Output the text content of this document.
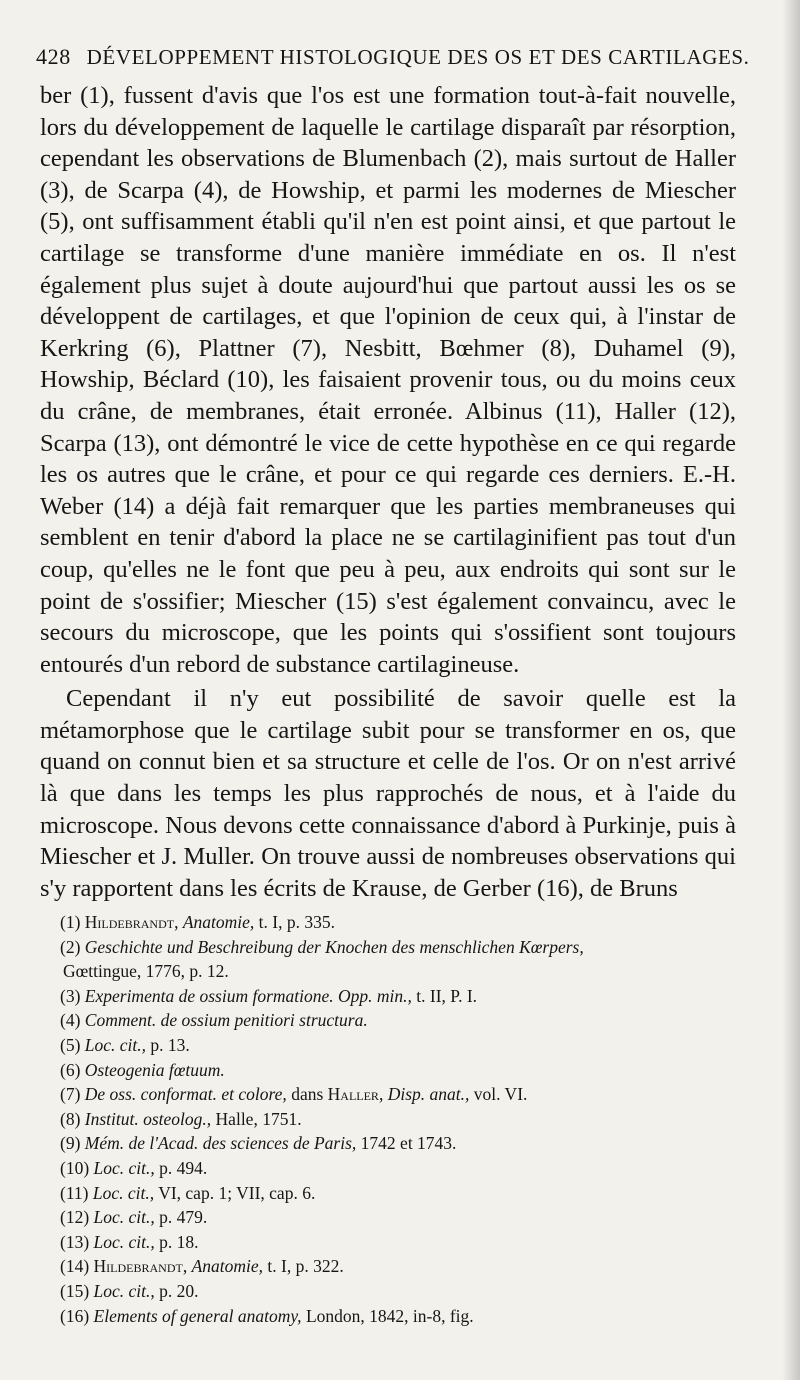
428 DÉVELOPPEMENT HISTOLOGIQUE DES OS ET DES CARTILAGES.

ber (1), fussent d'avis que l'os est une formation tout-à-fait nouvelle, lors du développement de laquelle le cartilage disparaît par résorption, cependant les observations de Blumenbach (2), mais surtout de Haller (3), de Scarpa (4), de Howship, et parmi les modernes de Miescher (5), ont suffisamment établi qu'il n'en est point ainsi, et que partout le cartilage se transforme d'une manière immédiate en os. Il n'est également plus sujet à doute aujourd'hui que partout aussi les os se développent de cartilages, et que l'opinion de ceux qui, à l'instar de Kerkring (6), Plattner (7), Nesbitt, Bœhmer (8), Duhamel (9), Howship, Béclard (10), les faisaient provenir tous, ou du moins ceux du crâne, de membranes, était erronée. Albinus (11), Haller (12), Scarpa (13), ont démontré le vice de cette hypothèse en ce qui regarde les os autres que le crâne, et pour ce qui regarde ces derniers. E.-H. Weber (14) a déjà fait remarquer que les parties membraneuses qui semblent en tenir d'abord la place ne se cartilaginifient pas tout d'un coup, qu'elles ne le font que peu à peu, aux endroits qui sont sur le point de s'ossifier; Miescher (15) s'est également convaincu, avec le secours du microscope, que les points qui s'ossifient sont toujours entourés d'un rebord de substance cartilagineuse.

Cependant il n'y eut possibilité de savoir quelle est la métamorphose que le cartilage subit pour se transformer en os, que quand on connut bien et sa structure et celle de l'os. Or on n'est arrivé là que dans les temps les plus rapprochés de nous, et à l'aide du microscope. Nous devons cette connaissance d'abord à Purkinje, puis à Miescher et J. Muller. On trouve aussi de nombreuses observations qui s'y rapportent dans les écrits de Krause, de Gerber (16), de Bruns

(1) Hildebrandt, Anatomie, t. I, p. 335.
(2) Geschichte und Beschreibung der Knochen des menschlichen Kœrpers,
Gœttingue, 1776, p. 12.
(3) Experimenta de ossium formatione. Opp. min., t. II, P. I.
(4) Comment. de ossium penitiori structura.
(5) Loc. cit., p. 13.
(6) Osteogenia fœtuum.
(7) De oss. conformat. et colore, dans Haller, Disp. anat., vol. VI.
(8) Institut. osteolog., Halle, 1751.
(9) Mém. de l'Acad. des sciences de Paris, 1742 et 1743.
(10) Loc. cit., p. 494.
(11) Loc. cit., VI, cap. 1; VII, cap. 6.
(12) Loc. cit., p. 479.
(13) Loc. cit., p. 18.
(14) Hildebrandt, Anatomie, t. I, p. 322.
(15) Loc. cit., p. 20.
(16) Elements of general anatomy, London, 1842, in-8, fig.
